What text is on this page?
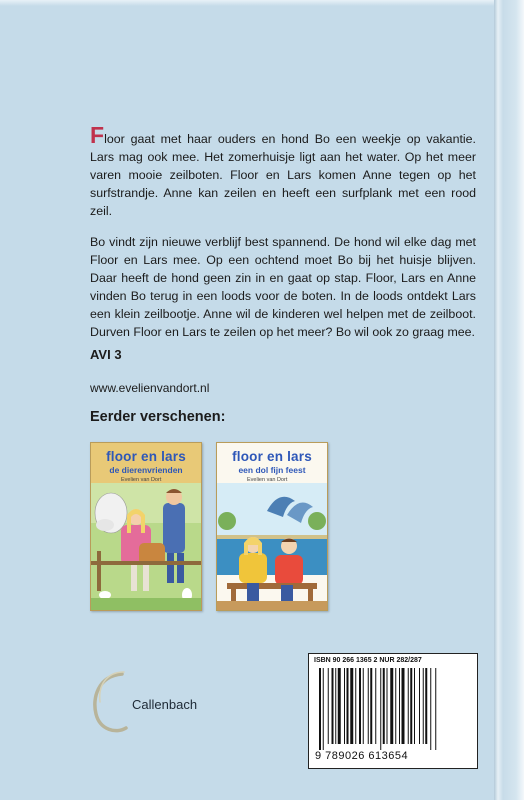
Floor gaat met haar ouders en hond Bo een weekje op vakantie. Lars mag ook mee. Het zomerhuisje ligt aan het water. Op het meer varen mooie zeilboten. Floor en Lars komen Anne tegen op het surfstrandje. Anne kan zeilen en heeft een surfplank met een rood zeil.

Bo vindt zijn nieuwe verblijf best spannend. De hond wil elke dag met Floor en Lars mee. Op een ochtend moet Bo bij het huisje blijven. Daar heeft de hond geen zin in en gaat op stap. Floor, Lars en Anne vinden Bo terug in een loods voor de boten. In de loods ontdekt Lars een klein zeilbootje. Anne wil de kinderen wel helpen met de zeilboot. Durven Floor en Lars te zeilen op het meer? Bo wil ook zo graag mee.

AVI 3
www.evelienvandort.nl
Eerder verschenen:
floor en lars
de dierenvrienden
Evelien van Dort
floor en lars
een dol fijn feest
Evelien van Dort
Callenbach
ISBN 90 266 1365 2 NUR 282/287
9 789026 613654
